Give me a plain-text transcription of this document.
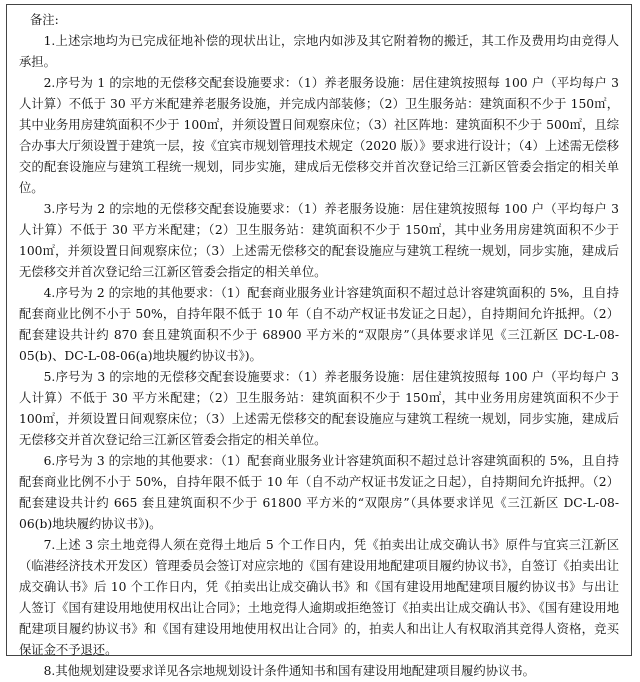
备注:

1.上述宗地均为已完成征地补偿的现状出让，宗地内如涉及其它附着物的搬迁，其工作及费用均由竞得人承担。

2.序号为 1 的宗地的无偿移交配套设施要求：（1）养老服务设施：居住建筑按照每 100 户（平均每户 3 人计算）不低于 30 平方米配建养老服务设施，并完成内部装修；（2）卫生服务站：建筑面积不少于 150㎡，其中业务用房建筑面积不少于 100㎡，并须设置日间观察床位；（3）社区阵地：建筑面积不少于 500㎡，且综合办事大厅须设置于建筑一层，按《宜宾市规划管理技术规定（2020 版）》要求进行设计；（4）上述需无偿移交的配套设施应与建筑工程统一规划，同步实施，建成后无偿移交并首次登记给三江新区管委会指定的相关单位。

3.序号为 2 的宗地的无偿移交配套设施要求：（1）养老服务设施：居住建筑按照每 100 户（平均每户 3 人计算）不低于 30 平方米配建；（2）卫生服务站：建筑面积不少于 150㎡，其中业务用房建筑面积不少于 100㎡，并须设置日间观察床位；（3）上述需无偿移交的配套设施应与建筑工程统一规划，同步实施，建成后无偿移交并首次登记给三江新区管委会指定的相关单位。

4.序号为 2 的宗地的其他要求：（1）配套商业服务业计容建筑面积不超过总计容建筑面积的 5%，且自持配套商业比例不小于 50%，自持年限不低于 10 年（自不动产权证书发证之日起），自持期间允许抵押。（2）配套建设共计约 870 套且建筑面积不少于 68900 平方米的“双限房”（具体要求详见《三江新区 DC-L-08-05(b)、DC-L-08-06(a)地块履约协议书》)。

5.序号为 3 的宗地的无偿移交配套设施要求：（1）养老服务设施：居住建筑按照每 100 户（平均每户 3 人计算）不低于 30 平方米配建；（2）卫生服务站：建筑面积不少于 150㎡，其中业务用房建筑面积不少于 100㎡，并须设置日间观察床位；（3）上述需无偿移交的配套设施应与建筑工程统一规划，同步实施，建成后无偿移交并首次登记给三江新区管委会指定的相关单位。

6.序号为 3 的宗地的其他要求：（1）配套商业服务业计容建筑面积不超过总计容建筑面积的 5%，且自持配套商业比例不小于 50%，自持年限不低于 10 年（自不动产权证书发证之日起），自持期间允许抵押。（2）配套建设共计约 665 套且建筑面积不少于 61800 平方米的“双限房”（具体要求详见《三江新区 DC-L-08-06(b)地块履约协议书》)。

7.上述 3 宗土地竞得人须在竞得土地后 5 个工作日内，凭《拍卖出让成交确认书》原件与宜宾三江新区（临港经济技术开发区）管理委员会签订对应宗地的《国有建设用地配建项目履约协议书》，自签订《拍卖出让成交确认书》后 10 个工作日内，凭《拍卖出让成交确认书》和《国有建设用地配建项目履约协议书》与出让人签订《国有建设用地使用权出让合同》；土地竞得人逾期或拒绝签订《拍卖出让成交确认书》、《国有建设用地配建项目履约协议书》和《国有建设用地使用权出让合同》的，拍卖人和出让人有权取消其竞得人资格，竞买保证金不予退还。

8.其他规划建设要求详见各宗地规划设计条件通知书和国有建设用地配建项目履约协议书。
